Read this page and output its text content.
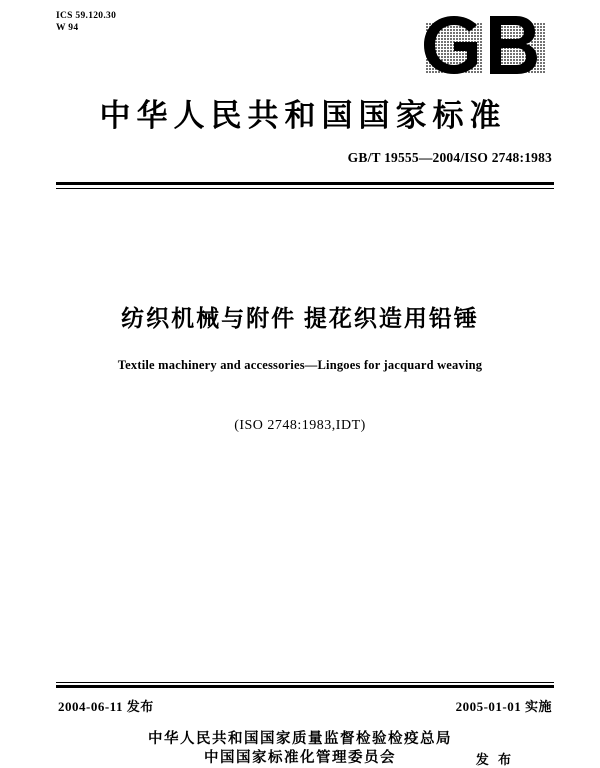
ICS 59.120.30
W 94
中华人民共和国国家标准
GB/T 19555—2004/ISO 2748:1983
纺织机械与附件 提花织造用铅锤
Textile machinery and accessories—Lingoes for jacquard weaving
(ISO 2748:1983,IDT)
2004-06-11 发布	2005-01-01 实施
中华人民共和国国家质量监督检验检疫总局
中国国家标准化管理委员会	发 布
